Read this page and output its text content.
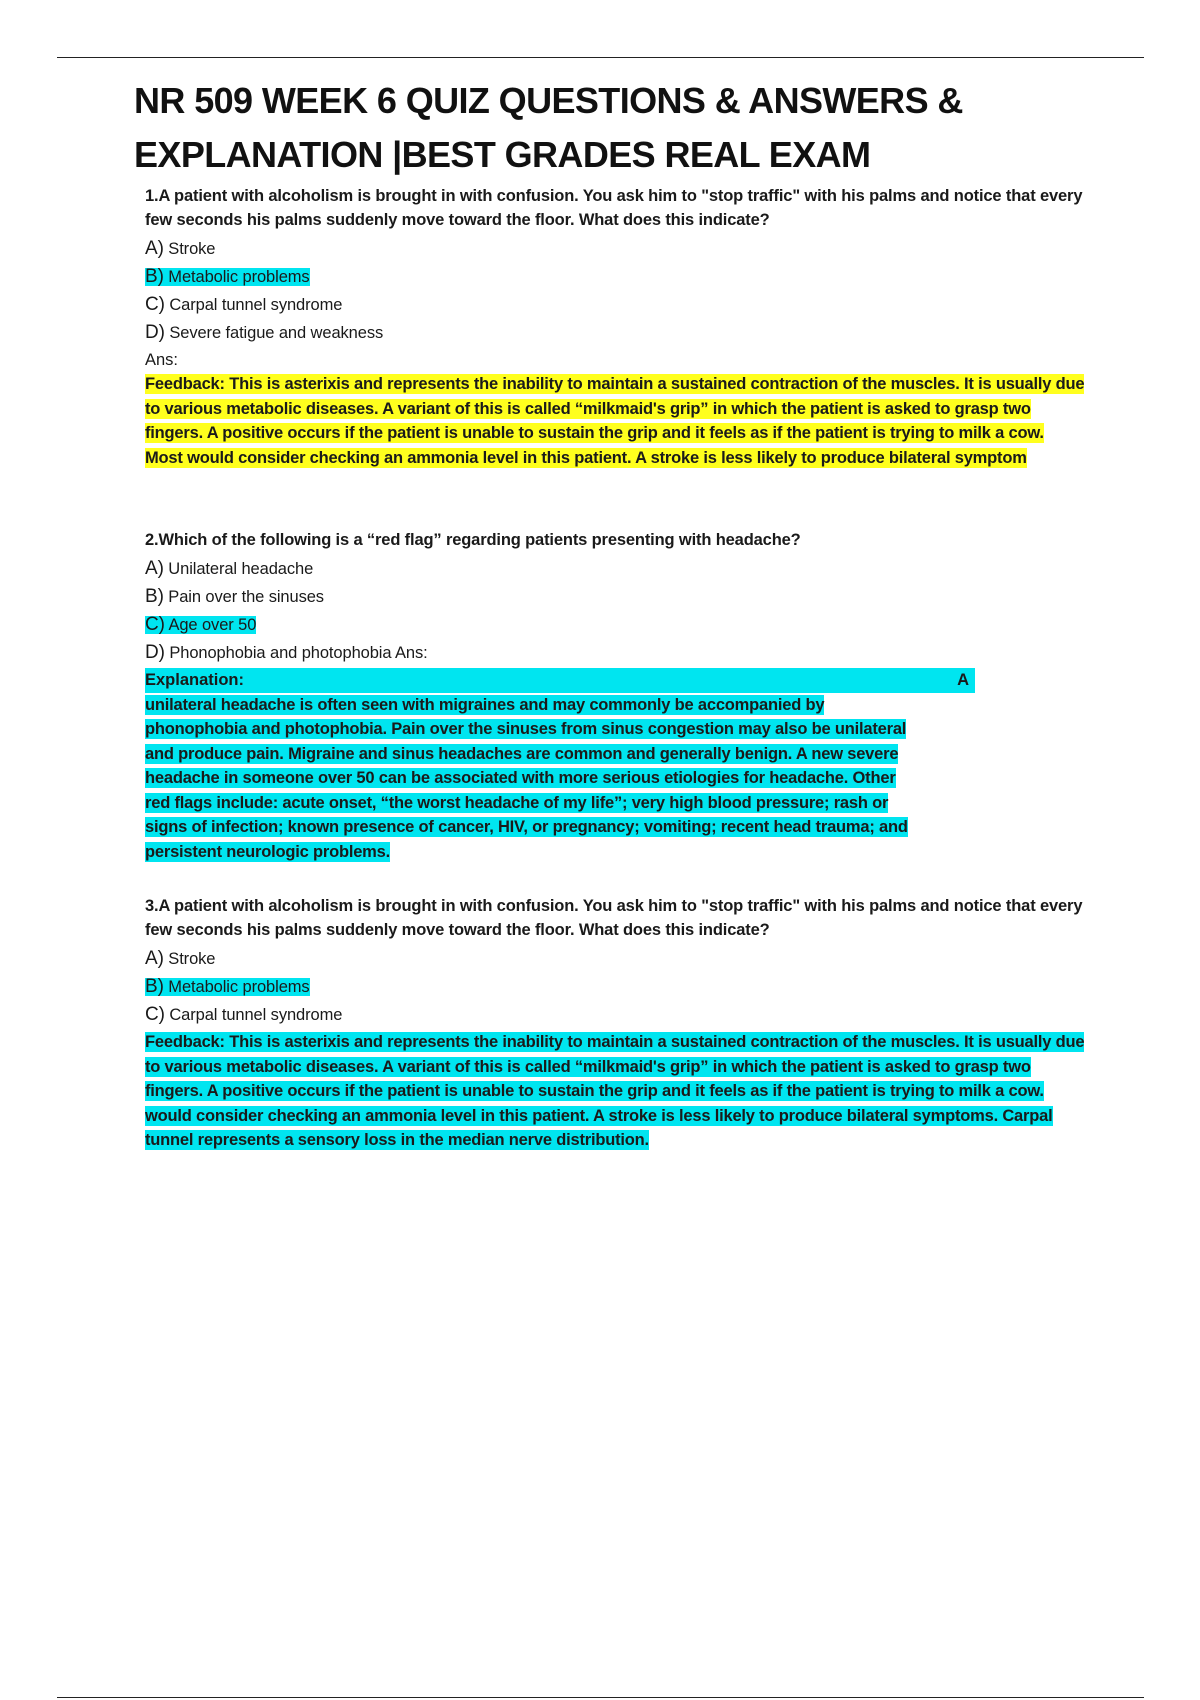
NR 509 WEEK 6 QUIZ QUESTIONS & ANSWERS & EXPLANATION |BEST GRADES REAL EXAM

1.A patient with alcoholism is brought in with confusion. You ask him to "stop traffic" with his palms and notice that every few seconds his palms suddenly move toward the floor. What does this indicate?

A) Stroke

B) Metabolic problems

C) Carpal tunnel syndrome

D) Severe fatigue and weakness

Ans:

Feedback: This is asterixis and represents the inability to maintain a sustained contraction of the muscles. It is usually due to various metabolic diseases. A variant of this is called “milkmaid's grip” in which the patient is asked to grasp two fingers. A positive occurs if the patient is unable to sustain the grip and it feels as if the patient is trying to milk a cow. Most would consider checking an ammonia level in this patient. A stroke is less likely to produce bilateral symptom

2.Which of the following is a “red flag” regarding patients presenting with headache?

A) Unilateral headache

B) Pain over the sinuses

C) Age over 50

D) Phonophobia and photophobia Ans:

Explanation:	A
unilateral headache is often seen with migraines and may commonly be accompanied by
phonophobia and photophobia. Pain over the sinuses from sinus congestion may also be unilateral
and produce pain. Migraine and sinus headaches are common and generally benign. A new severe
headache in someone over 50 can be associated with more serious etiologies for headache. Other
red flags include: acute onset, “the worst headache of my life”; very high blood pressure; rash or
signs of infection; known presence of cancer, HIV, or pregnancy; vomiting; recent head trauma; and
persistent neurologic problems.

3.A patient with alcoholism is brought in with confusion. You ask him to "stop traffic" with his palms and notice that every few seconds his palms suddenly move toward the floor. What does this indicate?

A) Stroke

B) Metabolic problems

C) Carpal tunnel syndrome

Feedback: This is asterixis and represents the inability to maintain a sustained contraction of the muscles. It is usually due to various metabolic diseases. A variant of this is called “milkmaid's grip” in which the patient is asked to grasp two fingers. A positive occurs if the patient is unable to sustain the grip and it feels as if the patient is trying to milk a cow. would consider checking an ammonia level in this patient. A stroke is less likely to produce bilateral symptoms. Carpal tunnel represents a sensory loss in the median nerve distribution.
